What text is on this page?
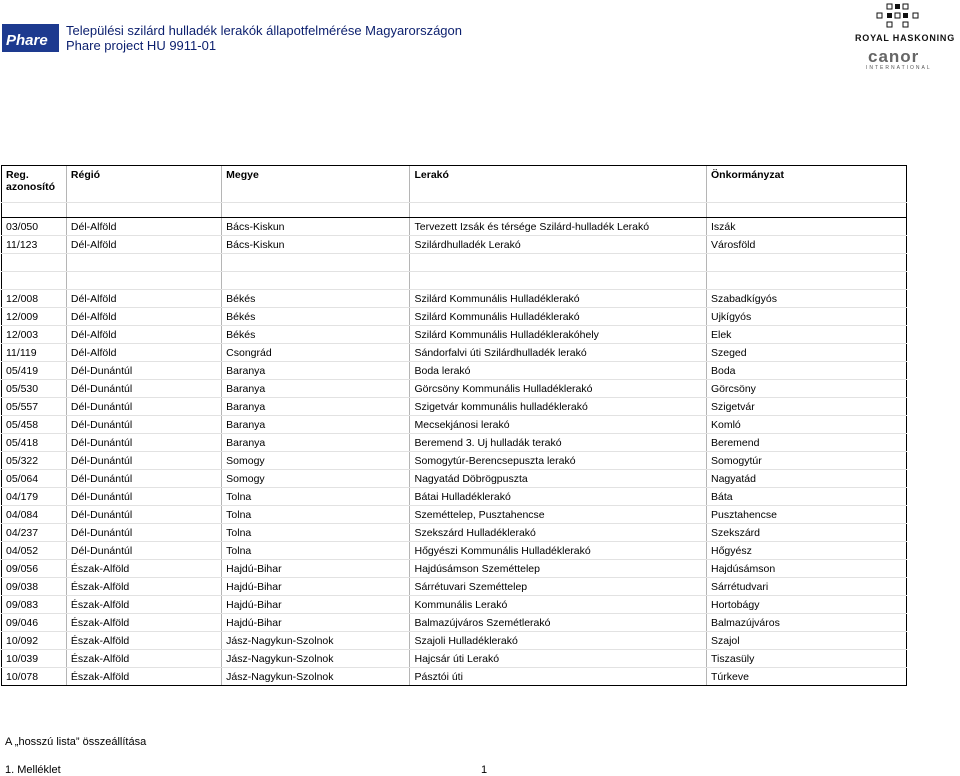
Phare
Települési szilárd hulladék lerakók állapotfelmérése Magyarországon
Phare project HU 9911-01	ROYAL HASKONING
canor
INTERNATIONAL
Reg. azonosító	Régió	Megye	Lerakó	Önkormányzat

03/050	Dél-Alföld	Bács-Kiskun	Tervezett Izsák és térsége Szilárd-hulladék Lerakó	Iszák
11/123	Dél-Alföld	Bács-Kiskun	Szilárdhulladék Lerakó	Városföld

12/008	Dél-Alföld	Békés	Szilárd Kommunális Hulladéklerakó	Szabadkígyós
12/009	Dél-Alföld	Békés	Szilárd Kommunális Hulladéklerakó	Ujkígyós
12/003	Dél-Alföld	Békés	Szilárd Kommunális Hulladéklerakóhely	Elek
11/119	Dél-Alföld	Csongrád	Sándorfalvi úti Szilárdhulladék lerakó	Szeged
05/419	Dél-Dunántúl	Baranya	Boda lerakó	Boda
05/530	Dél-Dunántúl	Baranya	Görcsöny Kommunális Hulladéklerakó	Görcsöny
05/557	Dél-Dunántúl	Baranya	Szigetvár kommunális hulladéklerakó	Szigetvár
05/458	Dél-Dunántúl	Baranya	Mecsekjánosi lerakó	Komló
05/418	Dél-Dunántúl	Baranya	Beremend 3. Uj hulladák terakó	Beremend
05/322	Dél-Dunántúl	Somogy	Somogytúr-Berencsepuszta lerakó	Somogytúr
05/064	Dél-Dunántúl	Somogy	Nagyatád Döbrögpuszta	Nagyatád
04/179	Dél-Dunántúl	Tolna	Bátai Hulladéklerakó	Báta
04/084	Dél-Dunántúl	Tolna	Szeméttelep, Pusztahencse	Pusztahencse
04/237	Dél-Dunántúl	Tolna	Szekszárd Hulladéklerakó	Szekszárd
04/052	Dél-Dunántúl	Tolna	Hőgyészi Kommunális Hulladéklerakó	Hőgyész
09/056	Észak-Alföld	Hajdú-Bihar	Hajdúsámson Szeméttelep	Hajdúsámson
09/038	Észak-Alföld	Hajdú-Bihar	Sárrétuvari Szeméttelep	Sárrétudvari
09/083	Észak-Alföld	Hajdú-Bihar	Kommunális Lerakó	Hortobágy
09/046	Észak-Alföld	Hajdú-Bihar	Balmazújváros Szemétlerakó	Balmazújváros
10/092	Észak-Alföld	Jász-Nagykun-Szolnok	Szajoli Hulladéklerakó	Szajol
10/039	Észak-Alföld	Jász-Nagykun-Szolnok	Hajcsár úti Lerakó	Tiszasüly
10/078	Észak-Alföld	Jász-Nagykun-Szolnok	Pásztói úti	Túrkeve
A „hosszú lista” összeállítása
1. Melléklet	1
